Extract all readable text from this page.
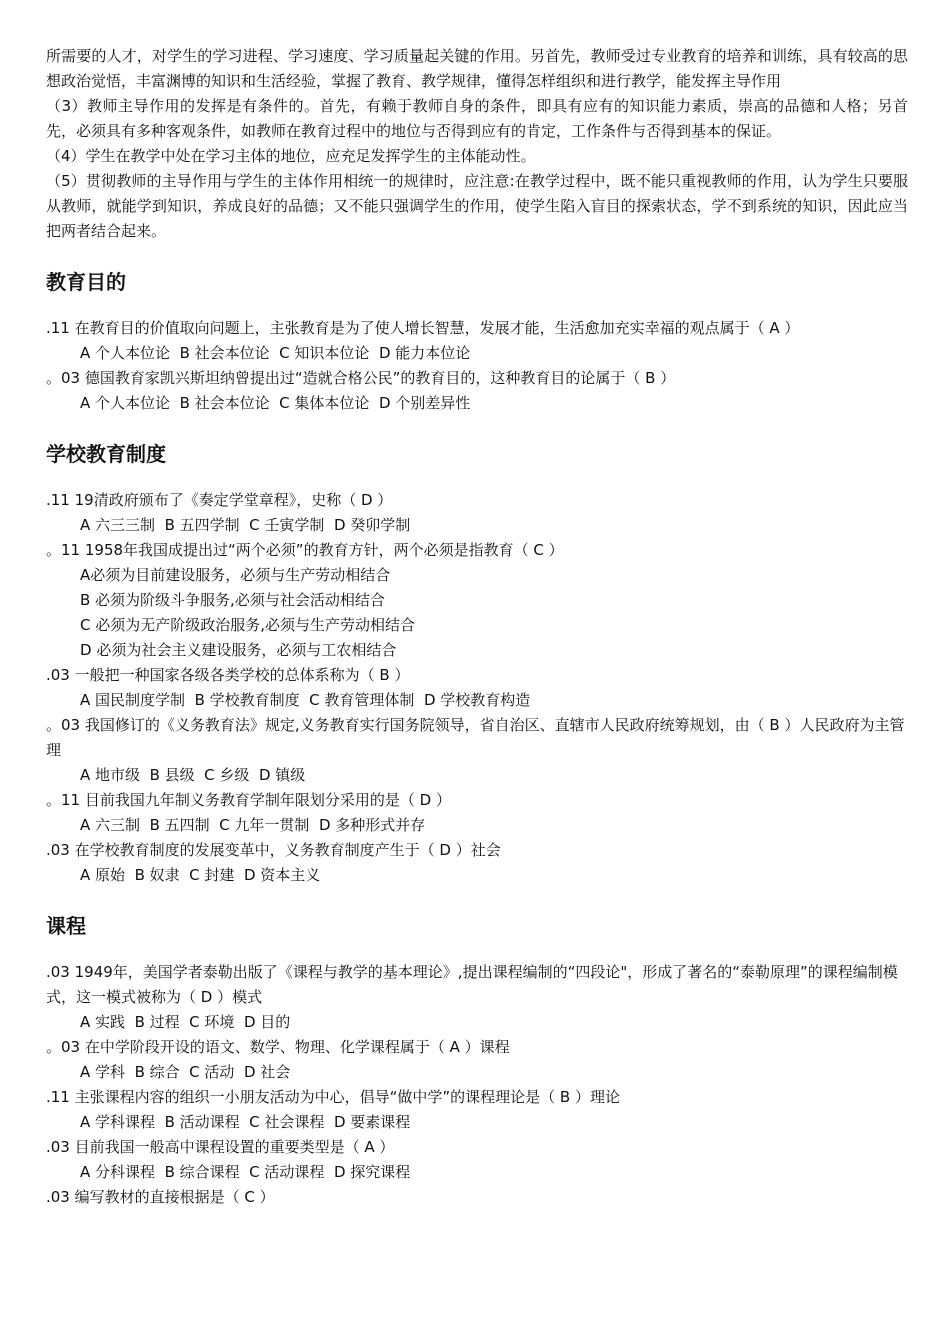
所需要的人才，对学生的学习进程、学习速度、学习质量起关键的作用。另首先，教师受过专业教育的培养和训练，具有较高的思想政治觉悟，丰富渊博的知识和生活经验，掌握了教育、教学规律，懂得怎样组织和进行教学，能发挥主导作用

（3）教师主导作用的发挥是有条件的。首先，有赖于教师自身的条件，即具有应有的知识能力素质，崇高的品德和人格；另首先，必须具有多种客观条件，如教师在教育过程中的地位与否得到应有的肯定，工作条件与否得到基本的保证。

（4）学生在教学中处在学习主体的地位，应充足发挥学生的主体能动性。

（5）贯彻教师的主导作用与学生的主体作用相统一的规律时，应注意:在教学过程中，既不能只重视教师的作用，认为学生只要服从教师，就能学到知识，养成良好的品德；又不能只强调学生的作用，使学生陷入盲目的探索状态，学不到系统的知识，因此应当把两者结合起来。

教育目的

.11 在教育目的价值取向问题上，主张教育是为了使人增长智慧，发展才能，生活愈加充实幸福的观点属于（ A ）

A 个人本位论  B 社会本位论  C 知识本位论  D 能力本位论

。03 德国教育家凯兴斯坦纳曾提出过“造就合格公民”的教育目的，这种教育目的论属于（ B ）

A 个人本位论  B 社会本位论  C 集体本位论  D 个别差异性

学校教育制度

.11 19清政府颁布了《奏定学堂章程》，史称（ D ）

A 六三三制  B 五四学制  C 壬寅学制  D 癸卯学制

。11 1958年我国成提出过“两个必须”的教育方针，两个必须是指教育（ C ）

A必须为目前建设服务，必须与生产劳动相结合

B 必须为阶级斗争服务,必须与社会活动相结合

C 必须为无产阶级政治服务,必须与生产劳动相结合

D 必须为社会主义建设服务，必须与工农相结合

.03 一般把一种国家各级各类学校的总体系称为（ B ）

A 国民制度学制  B 学校教育制度  C 教育管理体制  D 学校教育构造

。03 我国修订的《义务教育法》规定,义务教育实行国务院领导，省自治区、直辖市人民政府统筹规划，由（ B ）人民政府为主管理

A 地市级  B 县级  C 乡级  D 镇级

。11 目前我国九年制义务教育学制年限划分采用的是（ D ）

A 六三制  B 五四制  C 九年一贯制  D 多种形式并存

.03 在学校教育制度的发展变革中，义务教育制度产生于（ D ）社会

A 原始  B 奴隶  C 封建  D 资本主义

课程

.03 1949年，美国学者泰勒出版了《课程与教学的基本理论》,提出课程编制的“四段论"，形成了著名的“泰勒原理”的课程编制模式，这一模式被称为（ D ）模式

A 实践  B 过程  C 环境  D 目的

。03 在中学阶段开设的语文、数学、物理、化学课程属于（ A ）课程

A 学科  B 综合  C 活动  D 社会

.11 主张课程内容的组织一小朋友活动为中心，倡导“做中学”的课程理论是（ B ）理论

A 学科课程  B 活动课程  C 社会课程  D 要素课程

.03 目前我国一般高中课程设置的重要类型是（ A ）

A 分科课程  B 综合课程  C 活动课程  D 探究课程

.03 编写教材的直接根据是（ C ）
